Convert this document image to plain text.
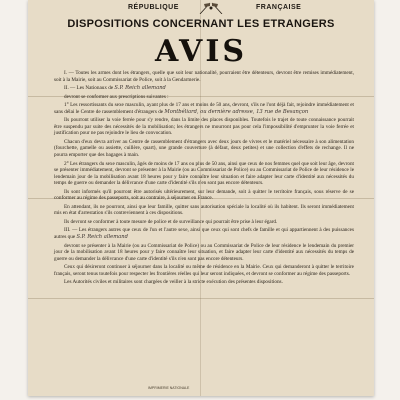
RÉPUBLIQUE	FRANÇAISE
DISPOSITIONS CONCERNANT LES ETRANGERS
AVIS

I. — Toutes les armes dont les étrangers, quelle que soit leur nationalité, pourraient être détenteurs, devront être remises immédiatement, soit à la Mairie, soit au Commissariat de Police, soit à la Gendarmerie.

II. — Les Nationaux de S.P. Reich allemand

devront se conformer aux prescriptions suivantes :

1° Les ressortissants du sexe masculin, ayant plus de 17 ans et moins de 50 ans, devront, s'ils ne l'ont déjà fait, rejoindre immédiatement et sans délai le Centre de rassemblement d'étrangers de Montbéliard, ou dernière adresse, 13 rue de Besançon

Ils pourront utiliser la voie ferrée pour s'y rendre, dans la limite des places disponibles. Toutefois le trajet de toute connaissance pourrait être suspendu par suite des nécessités de la mobilisation; les étrangers ne mourront pas pour cela l'impossibilité d'emprunter la voie ferrée et justification pour ne pas rejoindre le lieu de convocation.

Chacun d'eux devra arriver au Centre de rassemblement d'étrangers avec deux jours de vivres et le matériel nécessaire à son alimentation (fourchette, gamelle ou assiette, cuillère, quart), une grande couverture (à défaut, deux petites) et une collection d'effets de rechange. Il ne pourra emporter que des bagages à main.

2° Les étrangers du sexe masculin, âgés de moins de 17 ans ou plus de 50 ans, ainsi que ceux de nos femmes quel que soit leur âge, devront se présenter immédiatement, devront se présenter à la Mairie (ou au Commissariat de Police) ou au Commissariat de Police de leur résidence le lendemain jour de la mobilisation avant 18 heures pour y faire connaître leur situation et faire adapter leur carte d'identité aux nécessités du temps de guerre ou demander la délivrance d'une carte d'identité s'ils n'en sont pas encore détenteurs.

Ils sont informés qu'il pourront être autorisés ultérieurement, sur leur demande, soit à quitter le territoire français, sous réserve de se conformer au régime des passeports, soit au contraire, à séjourner en France.

En attendant, ils ne pourront, ainsi que leur famille, quitter sans autorisation spéciale la localité où ils habitent. Ils seront immédiatement mis en état d'arrestation s'ils contreviennent à ces dispositions.

Ils devront se conformer à toute mesure de police et de surveillance qui pourrait être prise à leur égard.

III. — Les étrangers autres que ceux de l'un et l'autre sexe, ainsi que ceux qui sont chefs de famille et qui appartiennent à des puissances autres que S.P. Reich allemand

devront se présenter à la Mairie (ou au Commissariat de Police) ou au Commissariat de Police de leur résidence le lendemain du premier jour de la mobilisation avant 18 heures pour y faire connaître leur situation, et faire adapter leur carte d'identité aux nécessités du temps de guerre ou demander la délivrance d'une carte d'identité s'ils n'en sont pas encore détenteurs.

Ceux qui désireront continuer à séjourner dans la localité ou même de résidence en la Mairie. Ceux qui demanderont à quitter le territoire français, seront tenus toutefois pour respecter les frontières réelles qui leur seront indiquées, et devront se conformer au régime des passeports.

Les Autorités civiles et militaires sont chargées de veiller à la stricte exécution des présentes dispositions.

IMPRIMERIE NATIONALE
